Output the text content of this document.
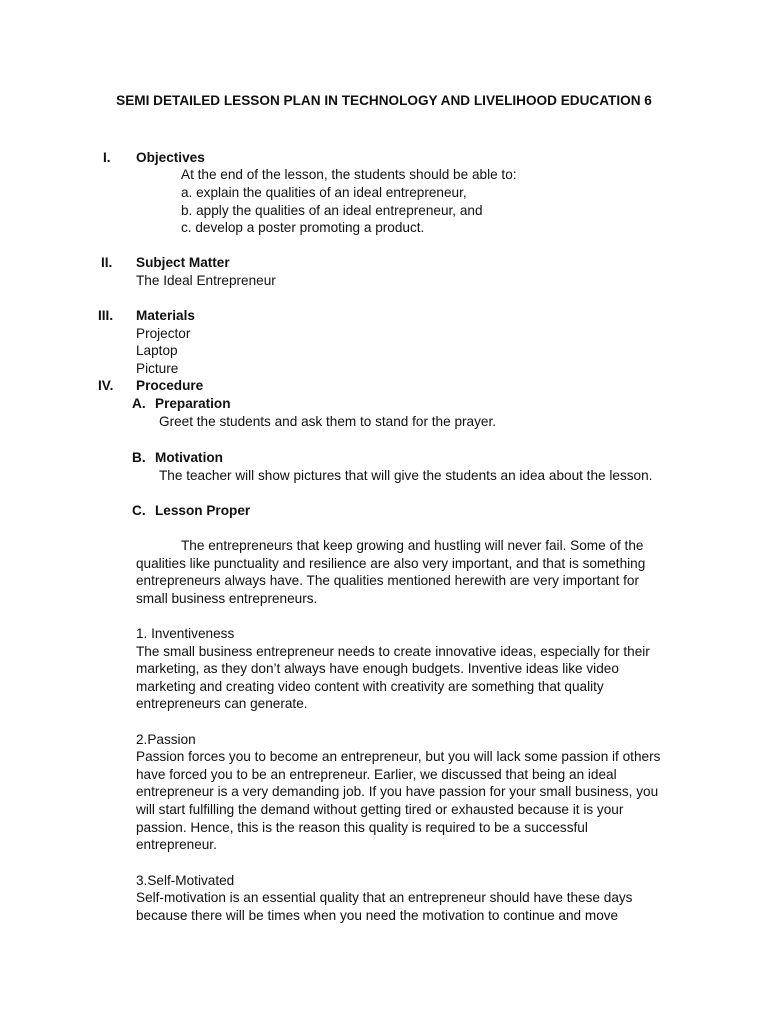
SEMI DETAILED LESSON PLAN IN TECHNOLOGY AND LIVELIHOOD EDUCATION 6
I. Objectives
At the end of the lesson, the students should be able to:
a. explain the qualities of an ideal entrepreneur,
b. apply the qualities of an ideal entrepreneur, and
c. develop a poster promoting a product.
II. Subject Matter
The Ideal Entrepreneur
III. Materials
Projector
Laptop
Picture
IV. Procedure
A. Preparation
Greet the students and ask them to stand for the prayer.
B. Motivation
The teacher will show pictures that will give the students an idea about the lesson.
C. Lesson Proper
The entrepreneurs that keep growing and hustling will never fail. Some of the
qualities like punctuality and resilience are also very important, and that is something
entrepreneurs always have. The qualities mentioned herewith are very important for
small business entrepreneurs.
1. Inventiveness
The small business entrepreneur needs to create innovative ideas, especially for their
marketing, as they don’t always have enough budgets. Inventive ideas like video
marketing and creating video content with creativity are something that quality
entrepreneurs can generate.
2.Passion
Passion forces you to become an entrepreneur, but you will lack some passion if others
have forced you to be an entrepreneur. Earlier, we discussed that being an ideal
entrepreneur is a very demanding job. If you have passion for your small business, you
will start fulfilling the demand without getting tired or exhausted because it is your
passion. Hence, this is the reason this quality is required to be a successful
entrepreneur.
3.Self-Motivated
Self-motivation is an essential quality that an entrepreneur should have these days
because there will be times when you need the motivation to continue and move
